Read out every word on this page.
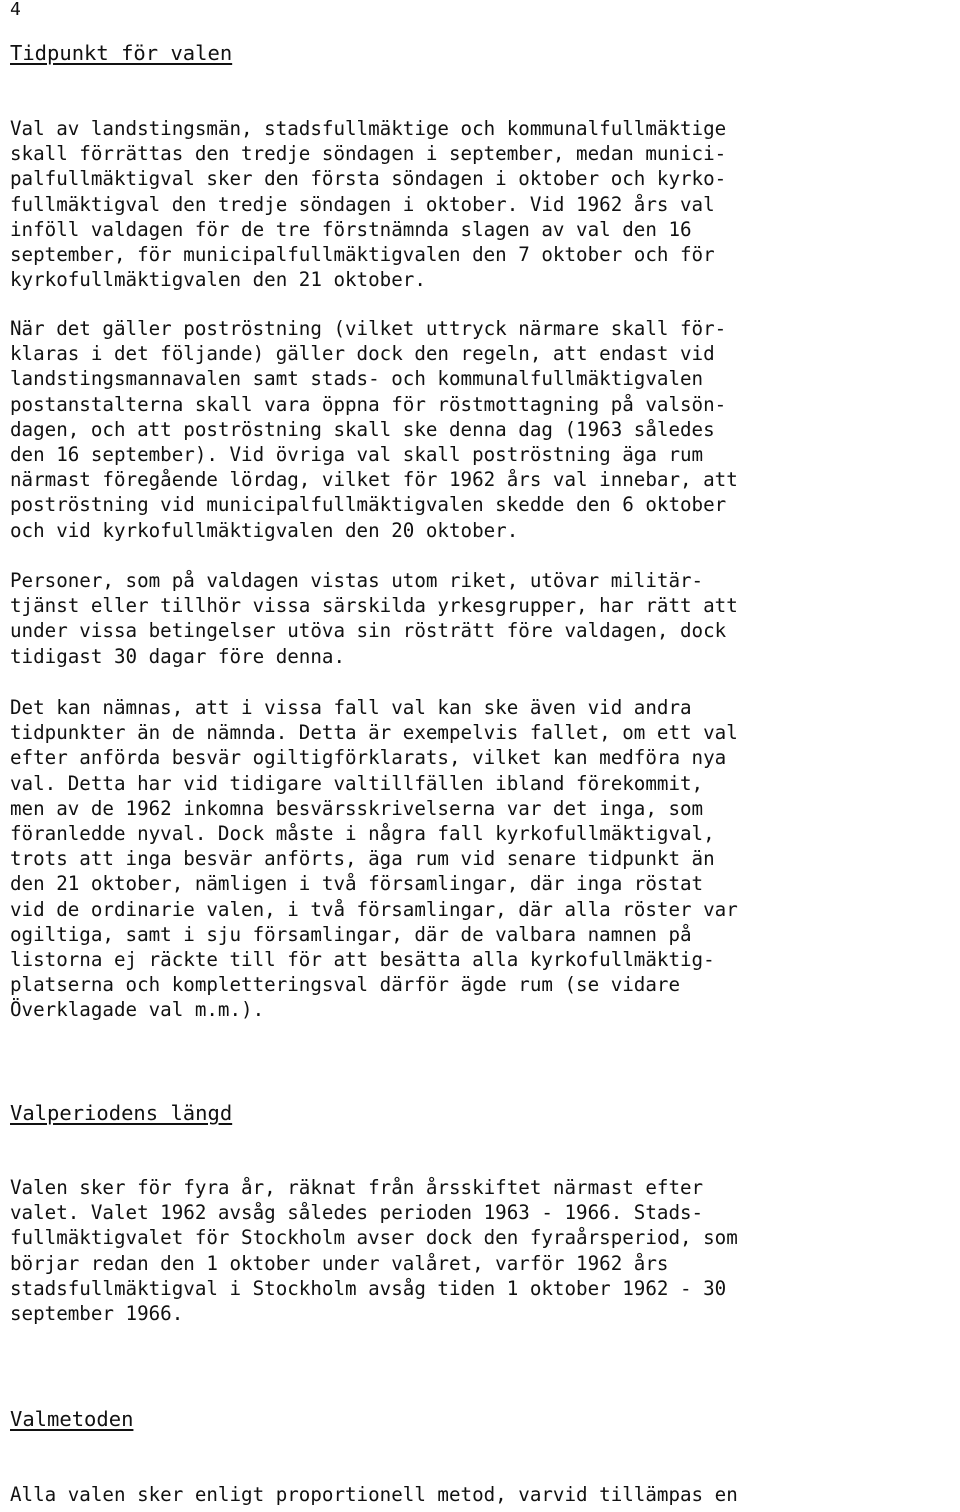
4

Tidpunkt för valen
Val av landstingsmän, stadsfullmäktige och kommunalfullmäktige
skall förrättas den tredje söndagen i september, medan munici-
palfullmäktigval sker den första söndagen i oktober och kyrko-
fullmäktigval den tredje söndagen i oktober. Vid 1962 års val
inföll valdagen för de tre förstnämnda slagen av val den 16
september, för municipalfullmäktigvalen den 7 oktober och för
kyrkofullmäktigvalen den 21 oktober.
När det gäller poströstning (vilket uttryck närmare skall för-
klaras i det följande) gäller dock den regeln, att endast vid
landstingsmannavalen samt stads- och kommunalfullmäktigvalen
postanstalterna skall vara öppna för röstmottagning på valsön-
dagen, och att poströstning skall ske denna dag (1963 således
den 16 september). Vid övriga val skall poströstning äga rum
närmast föregående lördag, vilket för 1962 års val innebar, att
poströstning vid municipalfullmäktigvalen skedde den 6 oktober
och vid kyrkofullmäktigvalen den 20 oktober.
Personer, som på valdagen vistas utom riket, utövar militär-
tjänst eller tillhör vissa särskilda yrkesgrupper, har rätt att
under vissa betingelser utöva sin rösträtt före valdagen, dock
tidigast 30 dagar före denna.
Det kan nämnas, att i vissa fall val kan ske även vid andra
tidpunkter än de nämnda. Detta är exempelvis fallet, om ett val
efter anförda besvär ogiltigförklarats, vilket kan medföra nya
val. Detta har vid tidigare valtillfällen ibland förekommit,
men av de 1962 inkomna besvärsskrivelserna var det inga, som
föranledde nyval. Dock måste i några fall kyrkofullmäktigval,
trots att inga besvär anförts, äga rum vid senare tidpunkt än
den 21 oktober, nämligen i två församlingar, där inga röstat
vid de ordinarie valen, i två församlingar, där alla röster var
ogiltiga, samt i sju församlingar, där de valbara namnen på
listorna ej räckte till för att besätta alla kyrkofullmäktig-
platserna och kompletteringsval därför ägde rum (se vidare
Överklagade val m.m.).
Valperiodens längd
Valen sker för fyra år, räknat från årsskiftet närmast efter
valet. Valet 1962 avsåg således perioden 1963 - 1966. Stads-
fullmäktigvalet för Stockholm avser dock den fyraårsperiod, som
börjar redan den 1 oktober under valåret, varför 1962 års
stadsfullmäktigval i Stockholm avsåg tiden 1 oktober 1962 - 30
september 1966.
Valmetoden
Alla valen sker enligt proportionell metod, varvid tillämpas en
